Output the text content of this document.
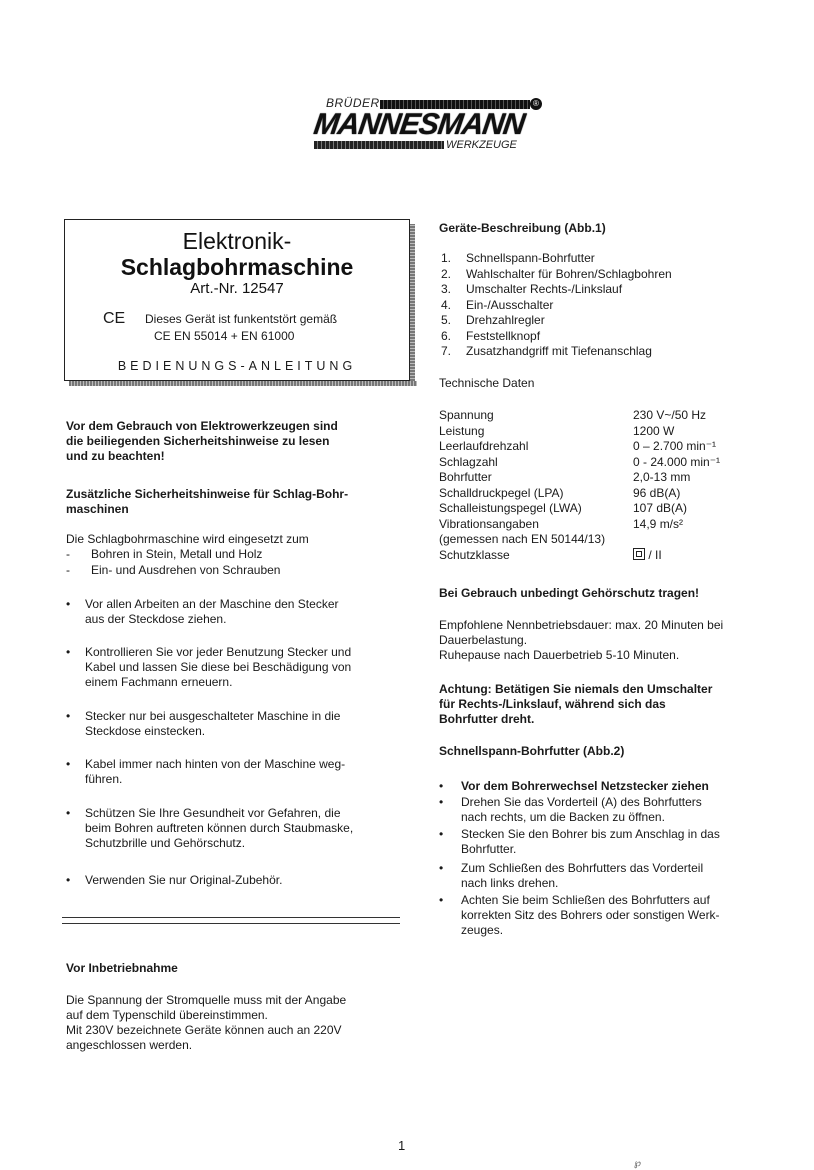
BRÜDER	®
MANNESMANN
WERKZEUGE
Elektronik-
Schlagbohrmaschine
Art.-Nr. 12547
CE Dieses Gerät ist funkentstört gemäß
CE EN 55014 + EN 61000
BEDIENUNGS-ANLEITUNG
Vor dem Gebrauch von Elektrowerkzeugen sind
die beiliegenden Sicherheitshinweise zu lesen
und zu beachten!
Zusätzliche Sicherheitshinweise für Schlag-Bohr-
maschinen
Die Schlagbohrmaschine wird eingesetzt zum
- Bohren in Stein, Metall und Holz
- Ein- und Ausdrehen von Schrauben
• Vor allen Arbeiten an der Maschine den Stecker
aus der Steckdose ziehen.
• Kontrollieren Sie vor jeder Benutzung Stecker und
Kabel und lassen Sie diese bei Beschädigung von
einem Fachmann erneuern.
• Stecker nur bei ausgeschalteter Maschine in die
Steckdose einstecken.
• Kabel immer nach hinten von der Maschine weg-
führen.
• Schützen Sie Ihre Gesundheit vor Gefahren, die
beim Bohren auftreten können durch Staubmaske,
Schutzbrille und Gehörschutz.
• Verwenden Sie nur Original-Zubehör.
Vor Inbetriebnahme
Die Spannung der Stromquelle muss mit der Angabe
auf dem Typenschild übereinstimmen.
Mit 230V bezeichnete Geräte können auch an 220V
angeschlossen werden.
Geräte-Beschreibung (Abb.1)
1. Schnellspann-Bohrfutter
2. Wahlschalter für Bohren/Schlagbohren
3. Umschalter Rechts-/Linkslauf
4. Ein-/Ausschalter
5. Drehzahlregler
6. Feststellknopf
7. Zusatzhandgriff mit Tiefenanschlag
Technische Daten
Spannung	230 V~/50 Hz
Leistung	1200 W
Leerlaufdrehzahl	0 – 2.700 min⁻¹
Schlagzahl	0 - 24.000 min⁻¹
Bohrfutter	2,0-13 mm
Schalldruckpegel (LPA)	96 dB(A)
Schalleistungspegel (LWA)	107 dB(A)
Vibrationsangaben	14,9 m/s²
(gemessen nach EN 50144/13)
Schutzklasse	/ II
Bei Gebrauch unbedingt Gehörschutz tragen!
Empfohlene Nennbetriebsdauer: max. 20 Minuten bei
Dauerbelastung.
Ruhepause nach Dauerbetrieb 5-10 Minuten.
Achtung: Betätigen Sie niemals den Umschalter
für Rechts-/Linkslauf, während sich das
Bohrfutter dreht.
Schnellspann-Bohrfutter (Abb.2)
• Vor dem Bohrerwechsel Netzstecker ziehen
• Drehen Sie das Vorderteil (A) des Bohrfutters
nach rechts, um die Backen zu öffnen.
• Stecken Sie den Bohrer bis zum Anschlag in das
Bohrfutter.
• Zum Schließen des Bohrfutters das Vorderteil
nach links drehen.
• Achten Sie beim Schließen des Bohrfutters auf
korrekten Sitz des Bohrers oder sonstigen Werk-
zeuges.
1
℘
